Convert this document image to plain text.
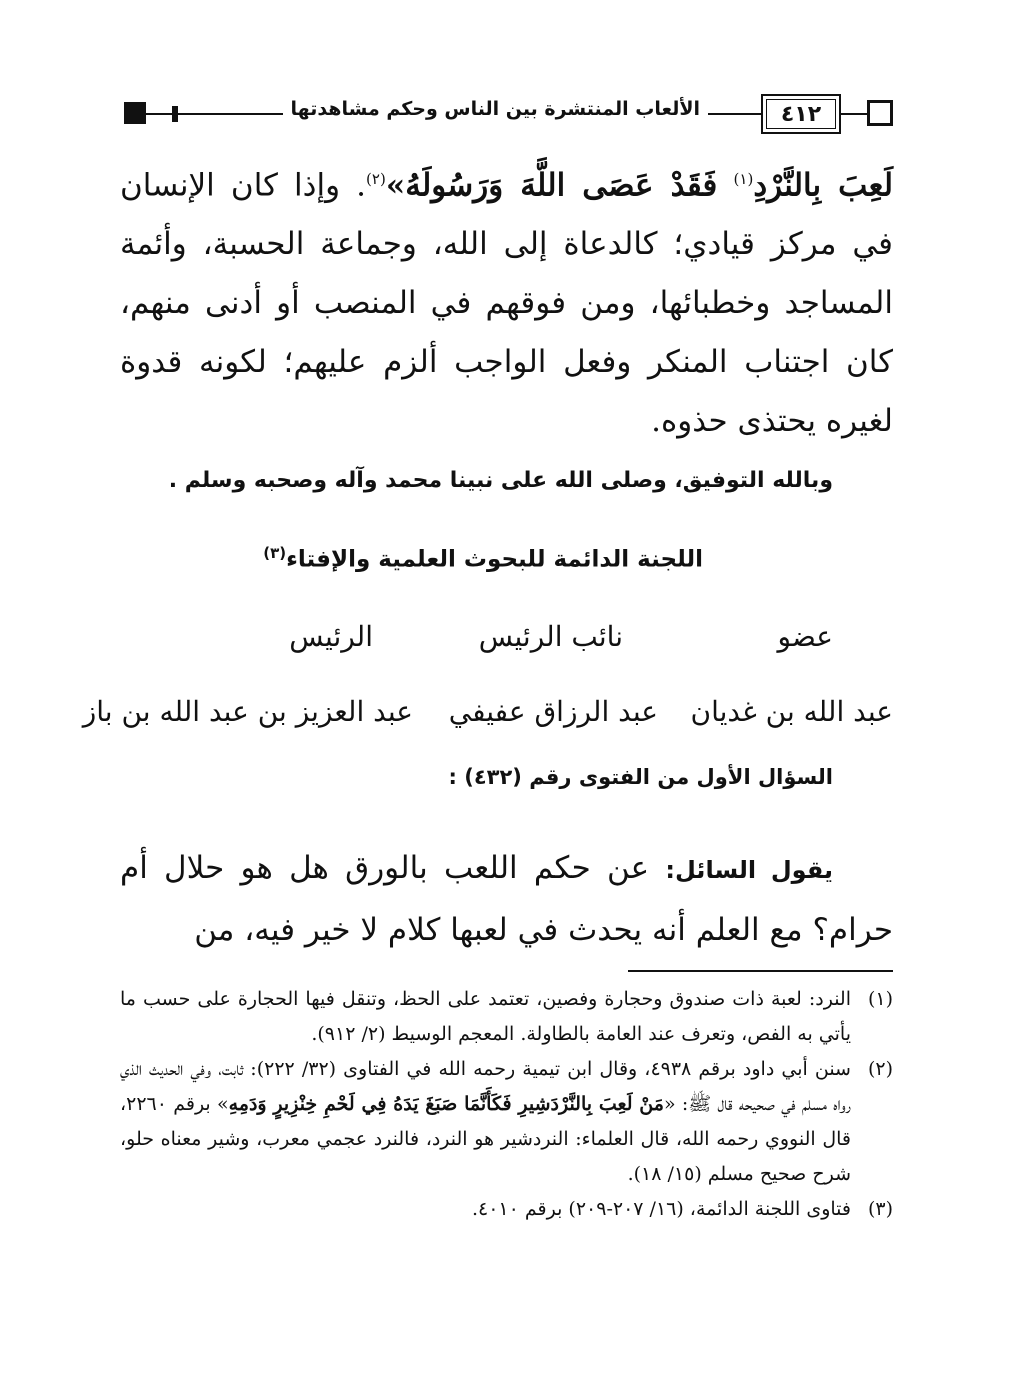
٤١٢
الألعاب المنتشرة بين الناس وحكم مشاهدتها

لَعِبَ بِالنَّرْدِ$^{(١)}$ فَقَدْ عَصَى اللَّهَ وَرَسُولَهُ»$^{(٢)}$. وإذا كان الإنسان في مركز قيادي؛ كالدعاة إلى الله، وجماعة الحسبة، وأئمة المساجد وخطبائها، ومن فوقهم في المنصب أو أدنى منهم، كان اجتناب المنكر وفعل الواجب ألزم عليهم؛ لكونه قدوة لغيره يحتذى حذوه.

وبالله التوفيق، وصلى الله على نبينا محمد وآله وصحبه وسلم .
اللجنة الدائمة للبحوث العلمية والإفتاء$^{(٣)}$
عضو
نائب الرئيس
الرئيس
عبد الله بن غديان
عبد الرزاق عفيفي
عبد العزيز بن عبد الله بن باز
السؤال الأول من الفتوى رقم (٤٣٢) :
يقول السائل: عن حكم اللعب بالورق هل هو حلال أم حرام؟ مع العلم أنه يحدث في لعبها كلام لا خير فيه، من
(١)
النرد: لعبة ذات صندوق وحجارة وفصين، تعتمد على الحظ، وتنقل فيها الحجارة على حسب ما يأتي به الفص، وتعرف عند العامة بالطاولة. المعجم الوسيط (٢/ ٩١٢).
(٢)
سنن أبي داود برقم ٤٩٣٨، وقال ابن تيمية رحمه الله في الفتاوى (٣٢/ ٢٢٢): ثابت، وفي الحديث الذي رواه مسلم في صحيحه قال ﷺ: «مَنْ لَعِبَ بِالنَّرْدَشِيرِ فَكَأَنَّمَا صَبَغَ يَدَهُ فِي لَحْمِ خِنْزِيرٍ وَدَمِهِ» برقم ٢٢٦٠، قال النووي رحمه الله، قال العلماء: النردشير هو النرد، فالنرد عجمي معرب، وشير معناه حلو، شرح صحيح مسلم (١٥/ ١٨).
(٣)
فتاوى اللجنة الدائمة، (١٦/ ٢٠٧-٢٠٩) برقم ٤٠١٠.
